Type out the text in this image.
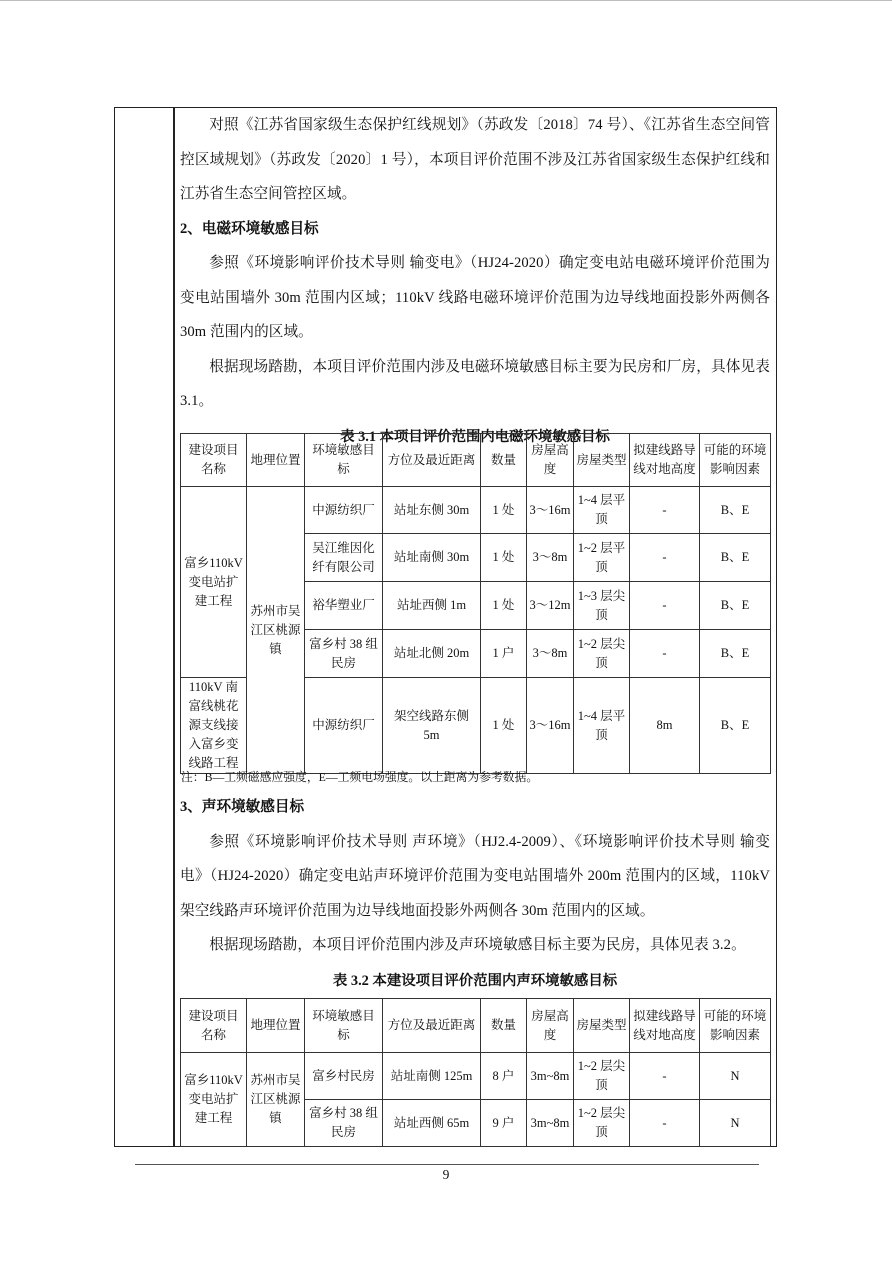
对照《江苏省国家级生态保护红线规划》（苏政发〔2018〕74 号）、《江苏省生态空间管控区域规划》（苏政发〔2020〕1 号），本项目评价范围不涉及江苏省国家级生态保护红线和江苏省生态空间管控区域。

2、电磁环境敏感目标

参照《环境影响评价技术导则 输变电》（HJ24-2020）确定变电站电磁环境评价范围为变电站围墙外 30m 范围内区域；110kV 线路电磁环境评价范围为边导线地面投影外两侧各 30m 范围内的区域。

根据现场踏勘，本项目评价范围内涉及电磁环境敏感目标主要为民房和厂房，具体见表 3.1。

表 3.1 本项目评价范围内电磁环境敏感目标
建设项目名称	地理位置	环境敏感目标	方位及最近距离	数量	房屋高度	房屋类型	拟建线路导线对地高度	可能的环境影响因素
富乡110kV 变电站扩建工程	苏州市吴江区桃源镇	中源纺织厂	站址东侧 30m	1 处	3～16m	1~4 层平顶	-	B、E
		吴江维因化纤有限公司	站址南侧 30m	1 处	3～8m	1~2 层平顶	-	B、E
		裕华塑业厂	站址西侧 1m	1 处	3～12m	1~3 层尖顶	-	B、E
		富乡村 38 组民房	站址北侧 20m	1 户	3～8m	1~2 层尖顶	-	B、E
110kV 南富线桃花源支线接入富乡变线路工程		中源纺织厂	架空线路东侧 5m	1 处	3～16m	1~4 层平顶	8m	B、E
注：B—工频磁感应强度，E—工频电场强度。以上距离为参考数据。

3、声环境敏感目标

参照《环境影响评价技术导则 声环境》（HJ2.4-2009）、《环境影响评价技术导则 输变电》（HJ24-2020）确定变电站声环境评价范围为变电站围墙外 200m 范围内的区域，110kV 架空线路声环境评价范围为边导线地面投影外两侧各 30m 范围内的区域。

根据现场踏勘，本项目评价范围内涉及声环境敏感目标主要为民房，具体见表 3.2。

表 3.2 本建设项目评价范围内声环境敏感目标
建设项目名称	地理位置	环境敏感目标	方位及最近距离	数量	房屋高度	房屋类型	拟建线路导线对地高度	可能的环境影响因素
富乡110kV 变电站扩建工程	苏州市吴江区桃源镇	富乡村民房	站址南侧 125m	8 户	3m~8m	1~2 层尖顶	-	N
		富乡村 38 组民房	站址西侧 65m	9 户	3m~8m	1~2 层尖顶	-	N
9
